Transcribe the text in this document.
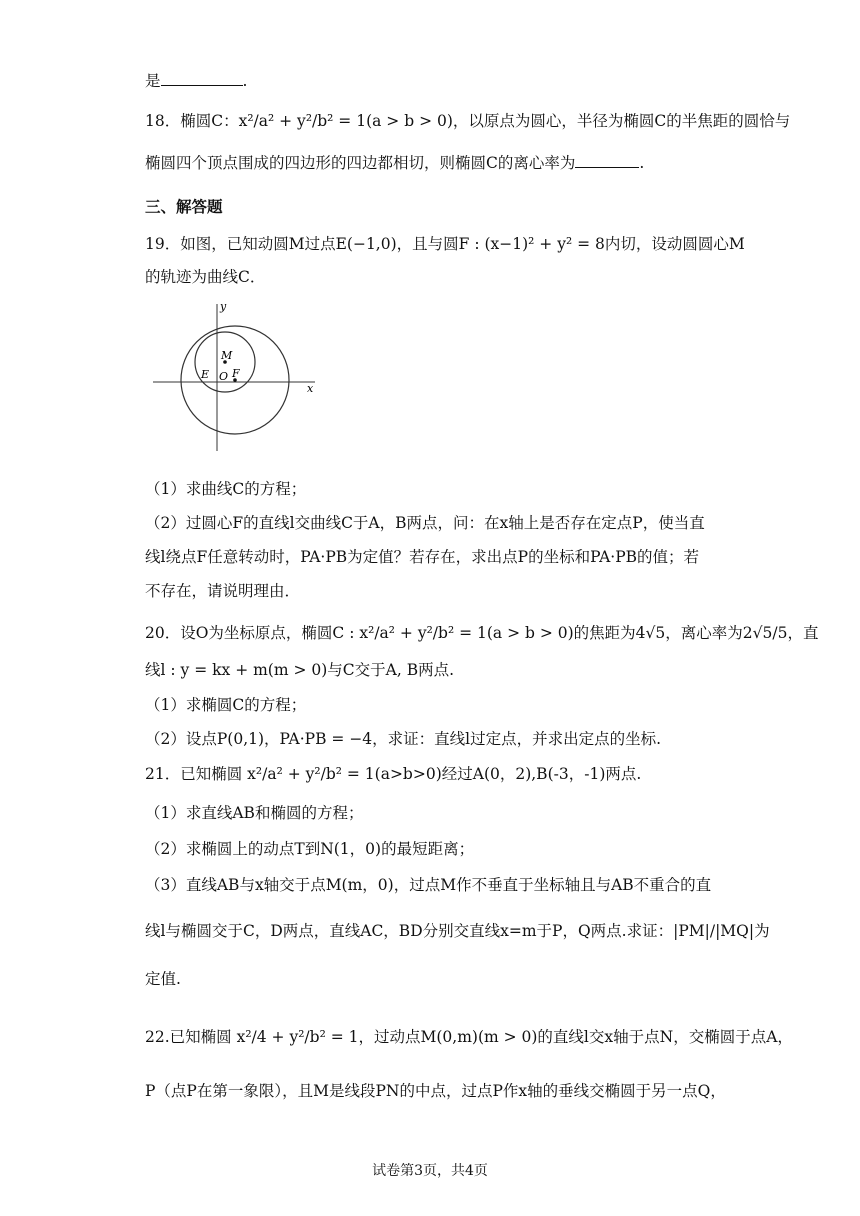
是	.
18．椭圆C：x²/a² + y²/b² = 1(a > b > 0)，以原点为圆心，半径为椭圆C的半焦距的圆恰与
椭圆四个顶点围成的四边形的四边都相切，则椭圆C的离心率为	.
三、解答题
19．如图，已知动圆M过点E(−1,0)，且与圆F : (x−1)² + y² = 8内切，设动圆圆心M
的轨迹为曲线C．
y
x
M
E O F
（1）求曲线C的方程；
（2）过圆心F的直线l交曲线C于A，B两点，问：在x轴上是否存在定点P，使当直
线l绕点F任意转动时，PA·PB为定值？若存在，求出点P的坐标和PA·PB的值；若
不存在，请说明理由．
20．设O为坐标原点，椭圆C : x²/a² + y²/b² = 1(a > b > 0)的焦距为4√5，离心率为2√5/5，直
线l : y = kx + m(m > 0)与C交于A, B两点.
（1）求椭圆C的方程；
（2）设点P(0,1)，PA·PB = −4，求证：直线l过定点，并求出定点的坐标.
21．已知椭圆 x²/a² + y²/b² = 1(a>b>0)经过A(0，2),B(-3，-1)两点.
（1）求直线AB和椭圆的方程；
（2）求椭圆上的动点T到N(1，0)的最短距离；
（3）直线AB与x轴交于点M(m，0)，过点M作不垂直于坐标轴且与AB不重合的直
线l与椭圆交于C，D两点，直线AC，BD分别交直线x=m于P，Q两点.求证：|PM|/|MQ|为
定值.
22.已知椭圆 x²/4 + y²/b² = 1，过动点M(0,m)(m > 0)的直线l交x轴于点N，交椭圆于点A，
P（点P在第一象限），且M是线段PN的中点，过点P作x轴的垂线交椭圆于另一点Q，
试卷第3页，共4页
